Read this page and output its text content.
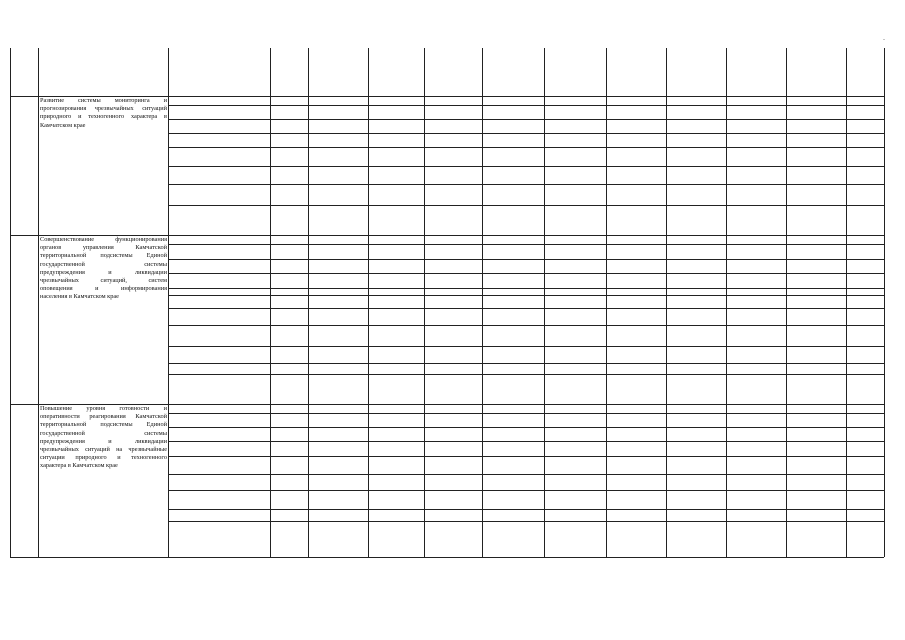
Развитие системы мониторинга и
прогнозирования чрезвычайных ситуаций
природного и техногенного характера в
Камчатском крае
Совершенствование функционирования
органов управления Камчатской
территориальной подсистемы Единой
государственной системы
предупреждения и ликвидации
чрезвычайных ситуаций, систем
оповещения и информирования
населения в Камчатском крае
Повышение уровня готовности и
оперативности реагирования Камчатской
территориальной подсистемы Единой
государственной системы
предупреждения и ликвидации
чрезвычайных ситуаций на чрезвычайные
ситуации природного и техногенного
характера в Камчатском крае
-
